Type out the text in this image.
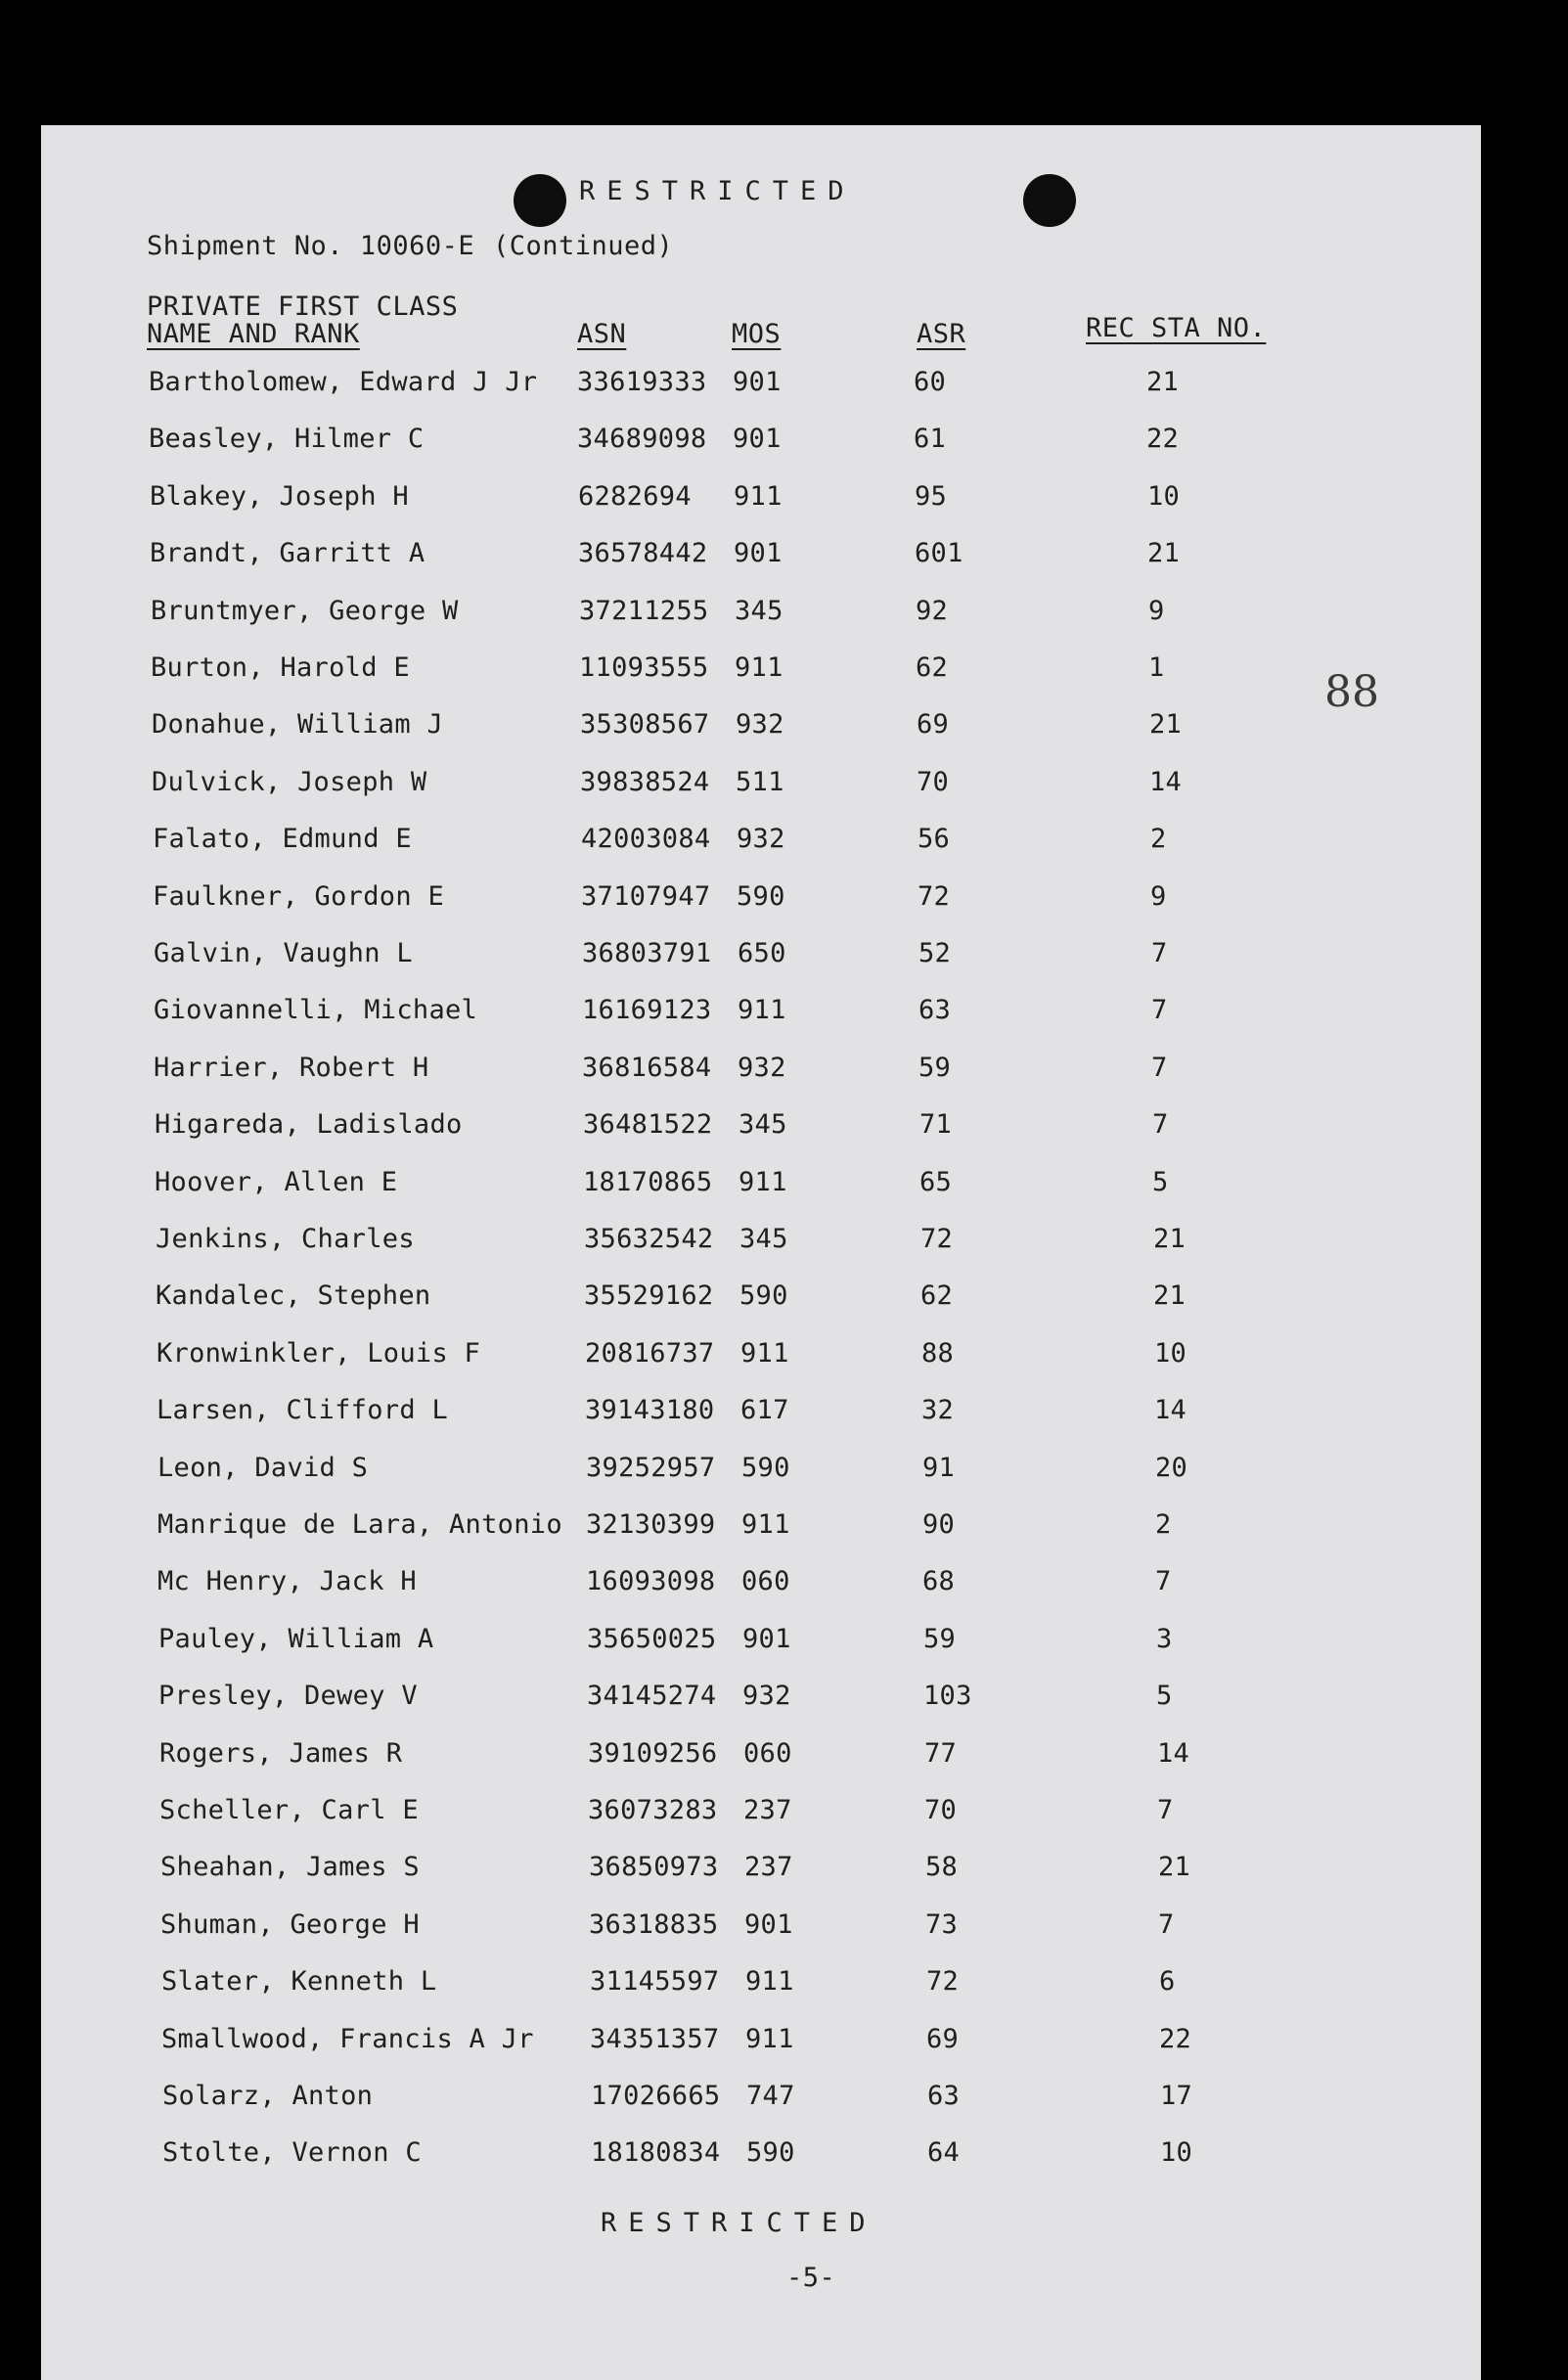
RESTRICTED
Shipment No. 10060-E (Continued)
PRIVATE FIRST CLASS
NAME AND RANK	ASN	MOS	ASR	REC STA NO.
88
Bartholomew, Edward J Jr 33619333 901	60	21
Beasley, Hilmer C	34689098 901	61	22
Blakey, Joseph H	6282694 911	95	10
Brandt, Garritt A	36578442 901	601	21
Bruntmyer, George W	37211255 345	92	9
Burton, Harold E	11093555 911	62	1
Donahue, William J	35308567 932	69	21
Dulvick, Joseph W	39838524 511	70	14
Falato, Edmund E	42003084 932	56	2
Faulkner, Gordon E	37107947 590	72	9
Galvin, Vaughn L	36803791 650	52	7
Giovannelli, Michael	16169123 911	63	7
Harrier, Robert H	36816584 932	59	7
Higareda, Ladislado	36481522 345	71	7
Hoover, Allen E	18170865 911	65	5
Jenkins, Charles	35632542 345	72	21
Kandalec, Stephen	35529162 590	62	21
Kronwinkler, Louis F	20816737 911	88	10
Larsen, Clifford L	39143180 617	32	14
Leon, David S	39252957 590	91	20
Manrique de Lara, Antonio 32130399 911	90	2
Mc Henry, Jack H	16093098 060	68	7
Pauley, William A	35650025 901	59	3
Presley, Dewey V	34145274 932	103	5
Rogers, James R	39109256 060	77	14
Scheller, Carl E	36073283 237	70	7
Sheahan, James S	36850973 237	58	21
Shuman, George H	36318835 901	73	7
Slater, Kenneth L	31145597 911	72	6
Smallwood, Francis A Jr 34351357 911	69	22
Solarz, Anton	17026665 747	63	17
Stolte, Vernon C	18180834 590	64	10
RESTRICTED
-5-
